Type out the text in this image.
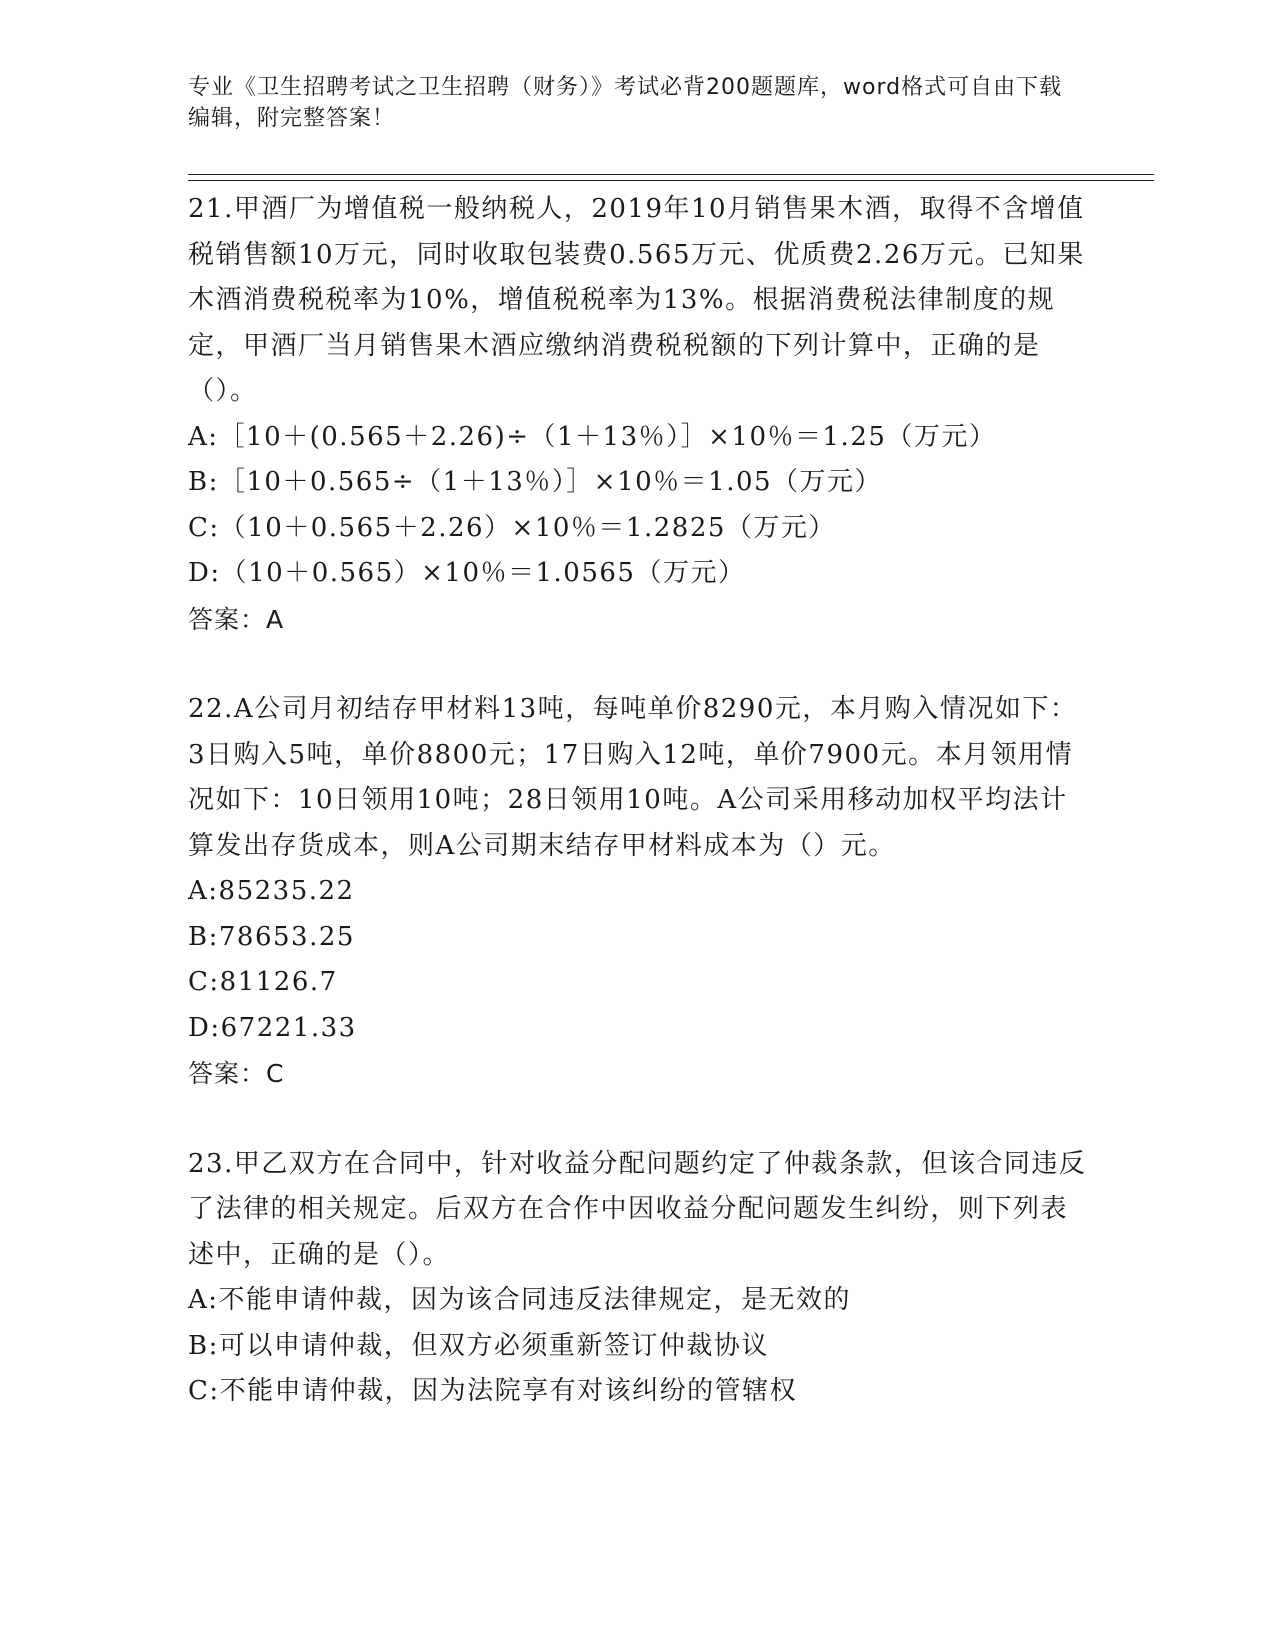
专业《卫生招聘考试之卫生招聘（财务）》考试必背200题题库，word格式可自由下载编辑，附完整答案！
21.甲酒厂为增值税一般纳税人，2019年10月销售果木酒，取得不含增值税销售额10万元，同时收取包装费0.565万元、优质费2.26万元。已知果木酒消费税税率为10%，增值税税率为13%。根据消费税法律制度的规定，甲酒厂当月销售果木酒应缴纳消费税税额的下列计算中，正确的是（）。
A:［10＋(0.565＋2.26)÷（1＋13％）］×10％＝1.25（万元）
B:［10＋0.565÷（1＋13％）］×10％＝1.05（万元）
C:（10＋0.565＋2.26）×10％＝1.2825（万元）
D:（10＋0.565）×10％＝1.0565（万元）
答案：A
22.A公司月初结存甲材料13吨，每吨单价8290元，本月购入情况如下：3日购入5吨，单价8800元；17日购入12吨，单价7900元。本月领用情况如下：10日领用10吨；28日领用10吨。A公司采用移动加权平均法计算发出存货成本，则A公司期末结存甲材料成本为（）元。
A:85235.22
B:78653.25
C:81126.7
D:67221.33
答案：C
23.甲乙双方在合同中，针对收益分配问题约定了仲裁条款，但该合同违反了法律的相关规定。后双方在合作中因收益分配问题发生纠纷，则下列表述中，正确的是（）。
A:不能申请仲裁，因为该合同违反法律规定，是无效的
B:可以申请仲裁，但双方必须重新签订仲裁协议
C:不能申请仲裁，因为法院享有对该纠纷的管辖权
